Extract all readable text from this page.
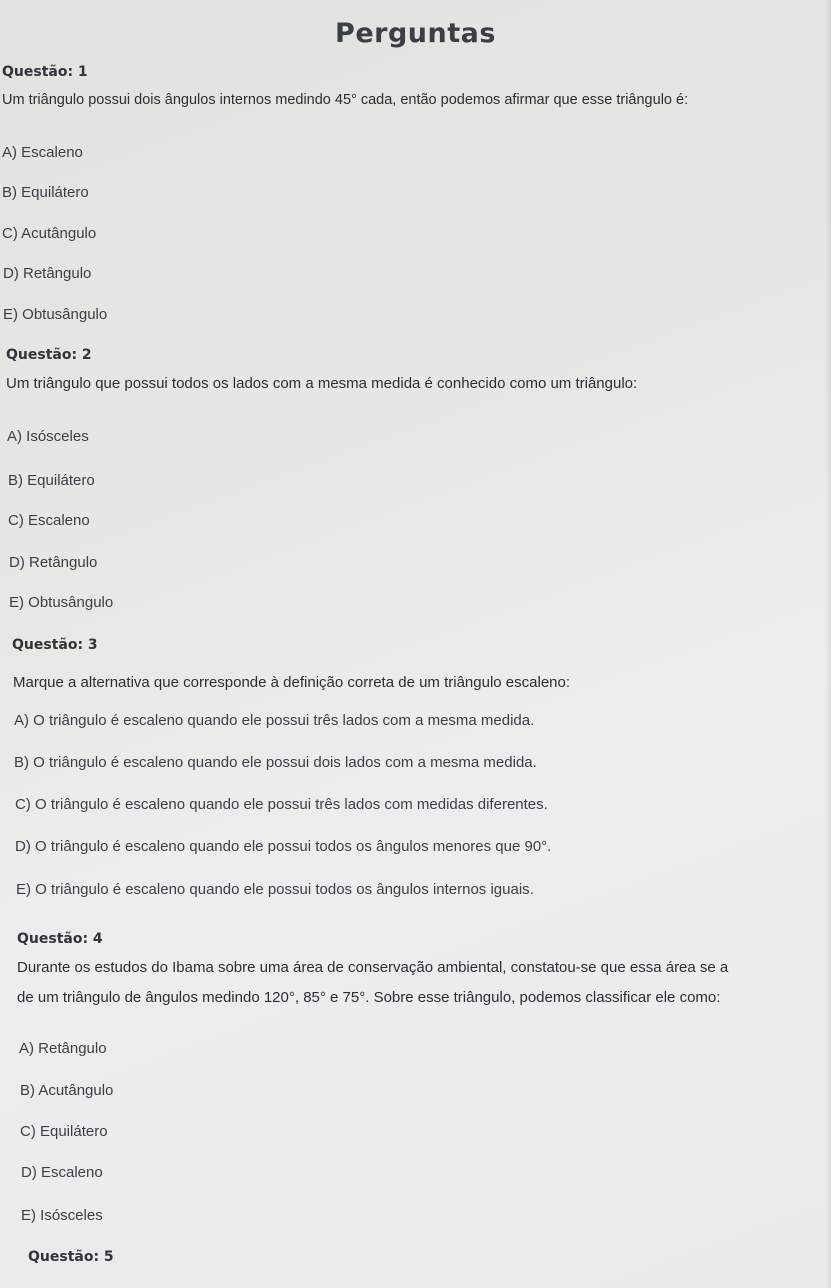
Perguntas
Questão: 1
Um triângulo possui dois ângulos internos medindo 45° cada, então podemos afirmar que esse triângulo é:
A) Escaleno
B) Equilátero
C) Acutângulo
D) Retângulo
E) Obtusângulo
Questão: 2
Um triângulo que possui todos os lados com a mesma medida é conhecido como um triângulo:
A) Isósceles
B) Equilátero
C) Escaleno
D) Retângulo
E) Obtusângulo
Questão: 3
Marque a alternativa que corresponde à definição correta de um triângulo escaleno:
A) O triângulo é escaleno quando ele possui três lados com a mesma medida.
B) O triângulo é escaleno quando ele possui dois lados com a mesma medida.
C) O triângulo é escaleno quando ele possui três lados com medidas diferentes.
D) O triângulo é escaleno quando ele possui todos os ângulos menores que 90°.
E) O triângulo é escaleno quando ele possui todos os ângulos internos iguais.
Questão: 4
Durante os estudos do Ibama sobre uma área de conservação ambiental, constatou-se que essa área se a
de um triângulo de ângulos medindo 120°, 85° e 75°. Sobre esse triângulo, podemos classificar ele como:
A) Retângulo
B) Acutângulo
C) Equilátero
D) Escaleno
E) Isósceles
Questão: 5
